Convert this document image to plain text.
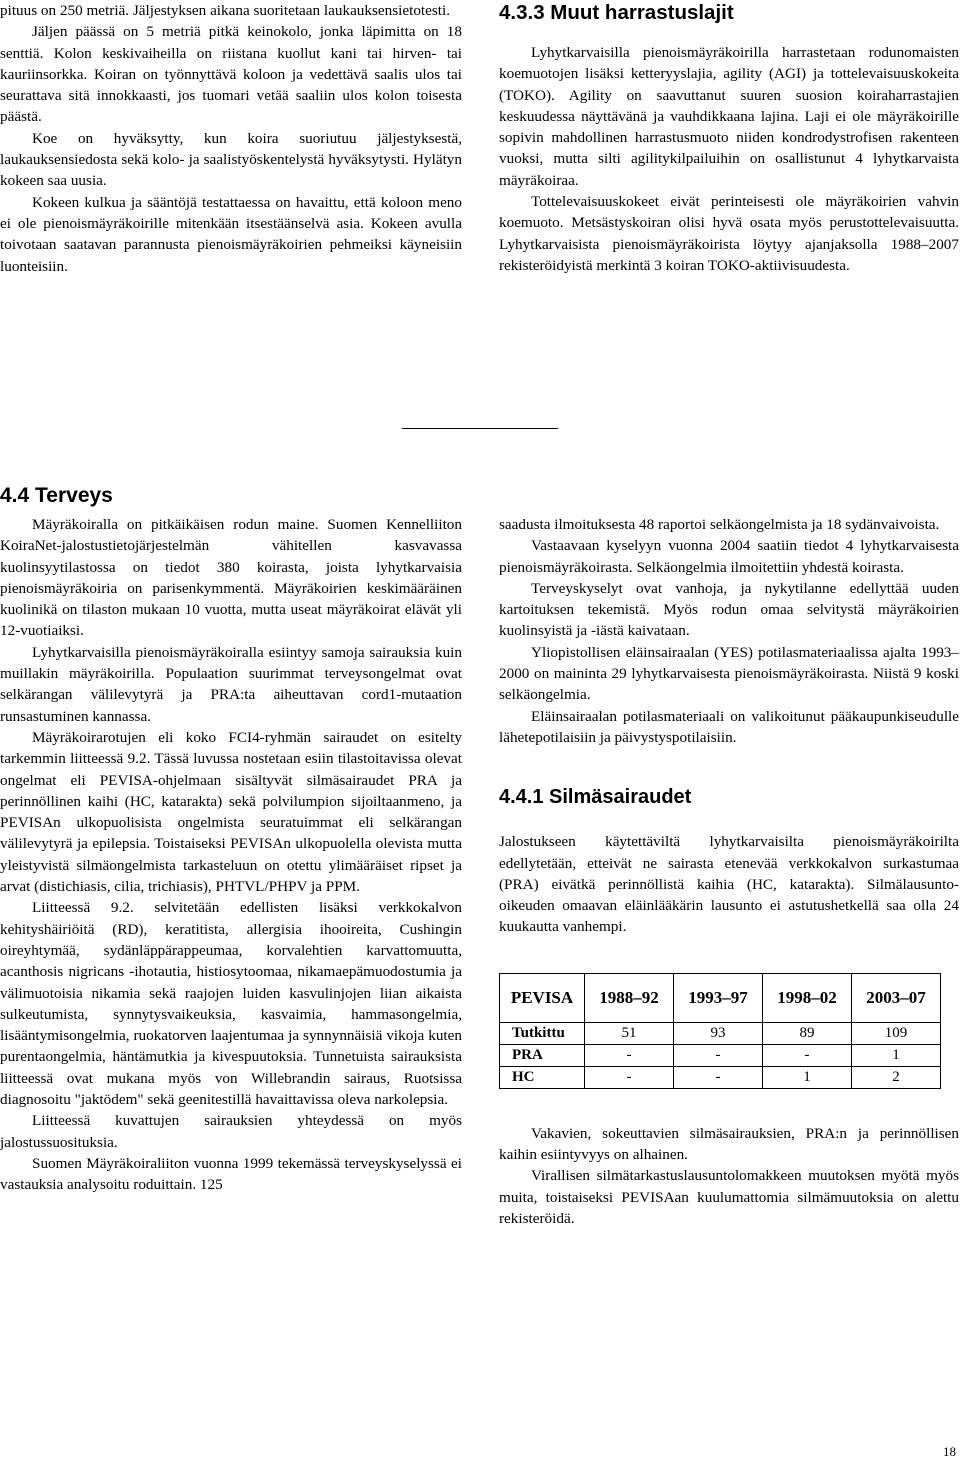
pituus on 250 metriä. Jäljestyksen aikana suoritetaan laukauksensietotesti.

Jäljen päässä on 5 metriä pitkä keinokolo, jonka läpimitta on 18 senttiä. Kolon keskivaiheilla on riistana kuollut kani tai hirven- tai kauriinsorkka. Koiran on työnnyttävä koloon ja vedettävä saalis ulos tai seurattava sitä innokkaasti, jos tuomari vetää saaliin ulos kolon toisesta päästä.

Koe on hyväksytty, kun koira suoriutuu jäljestyksestä, laukauksensiedosta sekä kolo- ja saalistyöskentelystä hyväksytysti. Hylätyn kokeen saa uusia.

Kokeen kulkua ja sääntöjä testattaessa on havaittu, että koloon meno ei ole pienoismäyräkoirille mitenkään itsestäänselvä asia. Kokeen avulla toivotaan saatavan parannusta pienoismäyräkoirien pehmeiksi käyneisiin luonteisiin.

4.3.3 Muut harrastuslajit

Lyhytkarvaisilla pienoismäyräkoirilla harrastetaan rodunomaisten koemuotojen lisäksi ketteryyslajia, agility (AGI) ja tottelevaisuuskokeita (TOKO). Agility on saavuttanut suuren suosion koiraharrastajien keskuudessa näyttävänä ja vauhdikkaana lajina. Laji ei ole mäyräkoirille sopivin mahdollinen harrastusmuoto niiden kondrodystrofisen rakenteen vuoksi, mutta silti agilitykilpailuihin on osallistunut 4 lyhytkarvaista mäyräkoiraa.

Tottelevaisuuskokeet eivät perinteisesti ole mäyräkoirien vahvin koemuoto. Metsästyskoiran olisi hyvä osata myös perustottelevaisuutta. Lyhytkarvaisista pienoismäyräkoirista löytyy ajanjaksolla 1988–2007 rekisteröidyistä merkintä 3 koiran TOKO-aktiivisuudesta.

4.4 Terveys

Mäyräkoiralla on pitkäikäisen rodun maine. Suomen Kennelliiton KoiraNet-jalostustietojärjestelmän vähitellen kasvavassa kuolinsyytilastossa on tiedot 380 koirasta, joista lyhytkarvaisia pienoismäyräkoiria on parisenkymmentä. Mäyräkoirien keskimääräinen kuolinikä on tilaston mukaan 10 vuotta, mutta useat mäyräkoirat elävät yli 12-vuotiaiksi.

Lyhytkarvaisilla pienoismäyräkoiralla esiintyy samoja sairauksia kuin muillakin mäyräkoirilla. Populaation suurimmat terveysongelmat ovat selkärangan välilevytyrä ja PRA:ta aiheuttavan cord1-mutaation runsastuminen kannassa.

Mäyräkoirarotujen eli koko FCI4-ryhmän sairaudet on esitelty tarkemmin liitteessä 9.2. Tässä luvussa nostetaan esiin tilastoitavissa olevat ongelmat eli PEVISA-ohjelmaan sisältyvät silmäsairaudet PRA ja perinnöllinen kaihi (HC, katarakta) sekä polvilumpion sijoiltaanmeno, ja PEVISAn ulkopuolisista ongelmista seuratuimmat eli selkärangan välilevytyrä ja epilepsia. Toistaiseksi PEVISAn ulkopuolella olevista mutta yleistyvistä silmäongelmista tarkasteluun on otettu ylimääräiset ripset ja arvat (distichiasis, cilia, trichiasis), PHTVL/PHPV ja PPM.

Liitteessä 9.2. selvitetään edellisten lisäksi verkkokalvon kehityshäiriöitä (RD), keratitista, allergisia ihooireita, Cushingin oireyhtymää, sydänläppärappeumaa, korvalehtien karvattomuutta, acanthosis nigricans -ihotautia, histiosytoomaa, nikamaepämuodostumia ja välimuotoisia nikamia sekä raajojen luiden kasvulinjojen liian aikaista sulkeutumista, synnytysvaikeuksia, kasvaimia, hammasongelmia, lisääntymisongelmia, ruokatorven laajentumaa ja synnynnäisiä vikoja kuten purentaongelmia, häntämutkia ja kivespuutoksia. Tunnetuista sairauksista liitteessä ovat mukana myös von Willebrandin sairaus, Ruotsissa diagnosoitu "jaktödem" sekä geenitestillä havaittavissa oleva narkolepsia.

Liitteessä kuvattujen sairauksien yhteydessä on myös jalostussuosituksia.

Suomen Mäyräkoiraliiton vuonna 1999 tekemässä terveyskyselyssä ei vastauksia analysoitu roduittain. 125

saadusta ilmoituksesta 48 raportoi selkäongelmista ja 18 sydänvaivoista.

Vastaavaan kyselyyn vuonna 2004 saatiin tiedot 4 lyhytkarvaisesta pienoismäyräkoirasta. Selkäongelmia ilmoitettiin yhdestä koirasta.

Terveyskyselyt ovat vanhoja, ja nykytilanne edellyttää uuden kartoituksen tekemistä. Myös rodun omaa selvitystä mäyräkoirien kuolinsyistä ja -iästä kaivataan.

Yliopistollisen eläinsairaalan (YES) potilasmateriaalissa ajalta 1993–2000 on maininta 29 lyhytkarvaisesta pienoismäyräkoirasta. Niistä 9 koski selkäongelmia.

Eläinsairaalan potilasmateriaali on valikoitunut pääkaupunkiseudulle lähetepotilaisiin ja päivystyspotilaisiin.

4.4.1 Silmäsairaudet

Jalostukseen käytettäviltä lyhytkarvaisilta pienoismäyräkoirilta edellytetään, etteivät ne sairasta etenevää verkkokalvon surkastumaa (PRA) eivätkä perinnöllistä kaihia (HC, katarakta). Silmälausunto-oikeuden omaavan eläinlääkärin lausunto ei astutushetkellä saa olla 24 kuukautta vanhempi.

PEVISA	1988–92	1993–97	1998–02	2003–07
Tutkittu	51	93	89	109
PRA	-	-	-	1
HC	-	-	1	2

Vakavien, sokeuttavien silmäsairauksien, PRA:n ja perinnöllisen kaihin esiintyvyys on alhainen.

Virallisen silmätarkastuslausuntolomakkeen muutoksen myötä myös muita, toistaiseksi PEVISAan kuulumattomia silmämuutoksia on alettu rekisteröidä.

18
